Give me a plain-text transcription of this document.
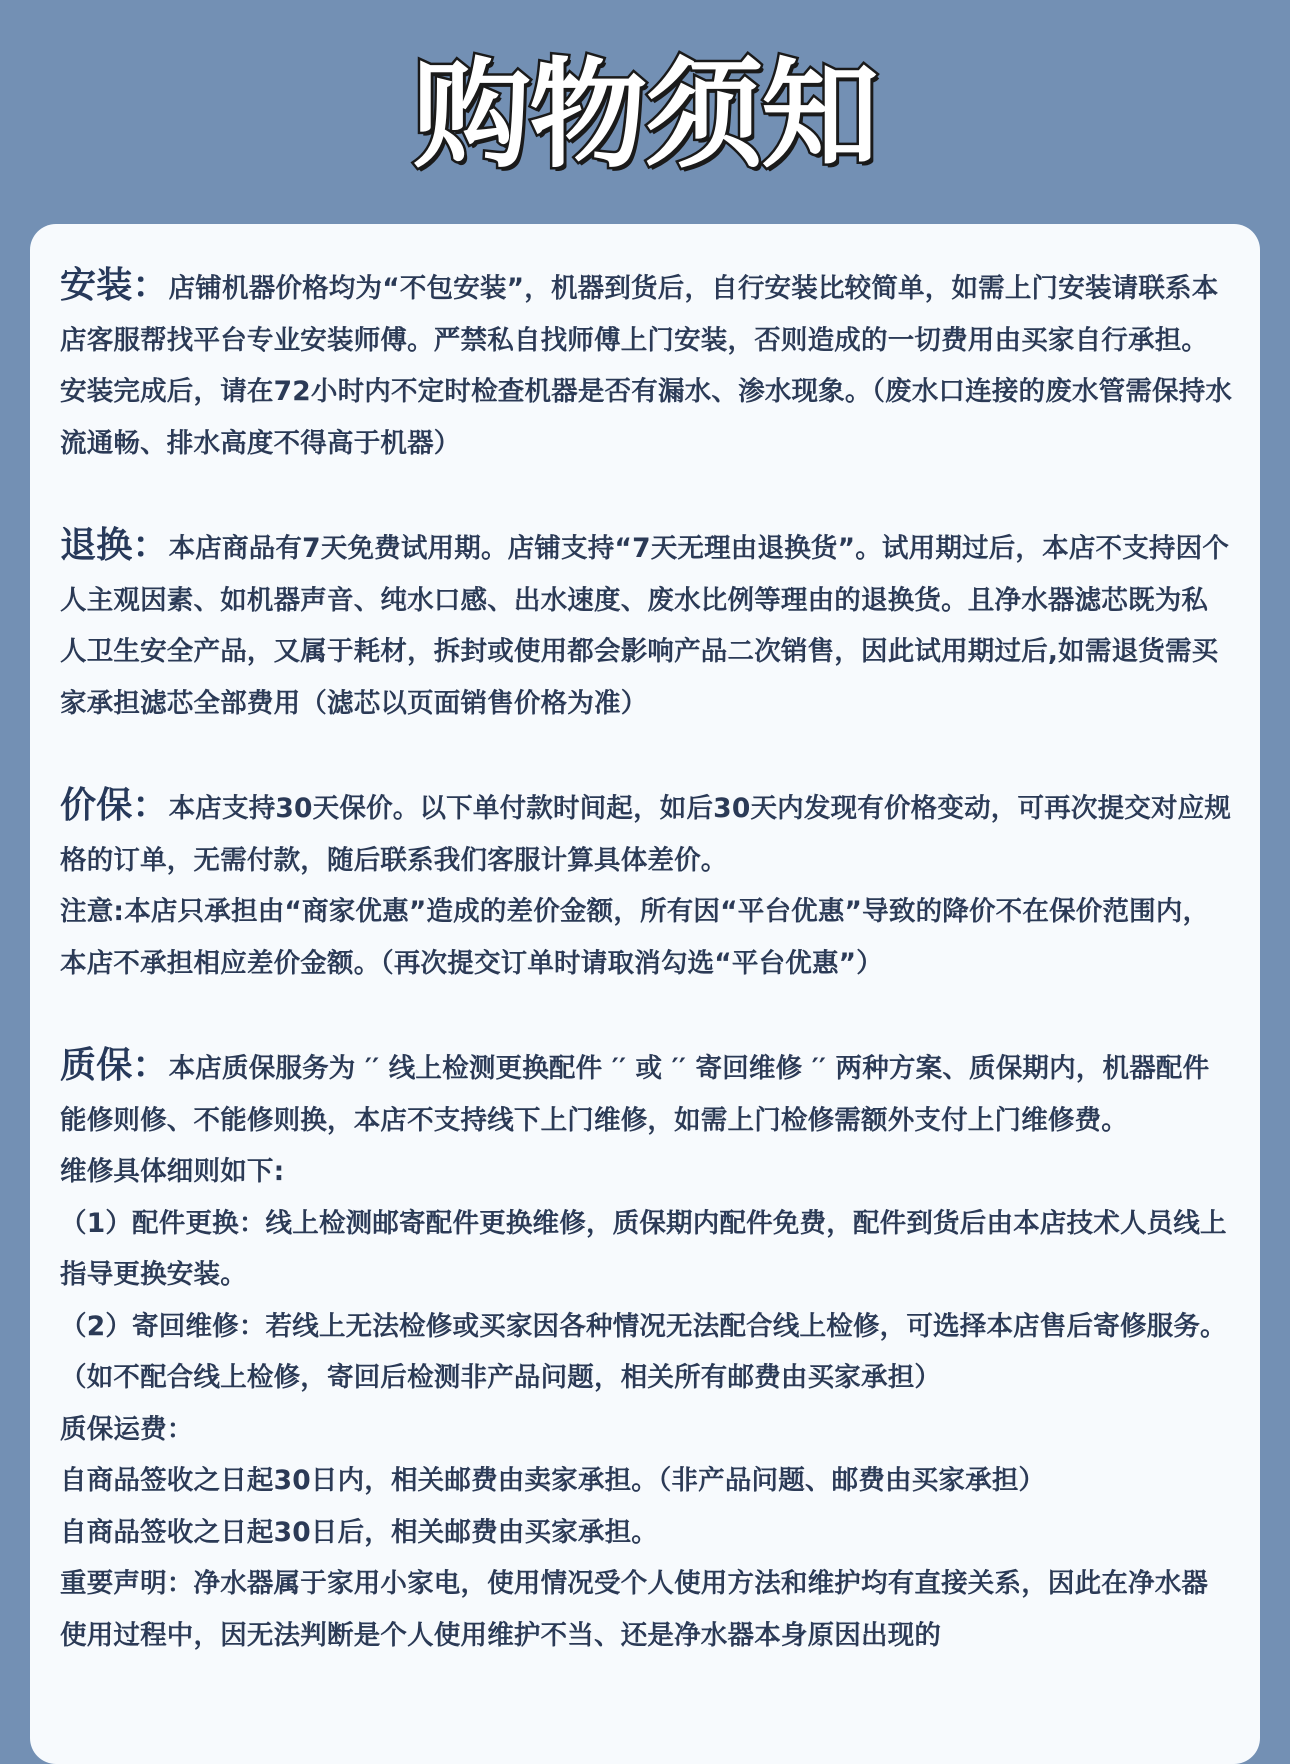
购物须知

安装：店铺机器价格均为“不包安装”，机器到货后，自行安装比较简单，如需上门安装请联系本店客服帮找平台专业安装师傅。严禁私自找师傅上门安装，否则造成的一切费用由买家自行承担。安装完成后，请在72小时内不定时检查机器是否有漏水、渗水现象。（废水口连接的废水管需保持水流通畅、排水高度不得高于机器）

退换：本店商品有7天免费试用期。店铺支持“7天无理由退换货”。试用期过后，本店不支持因个人主观因素、如机器声音、纯水口感、出水速度、废水比例等理由的退换货。且净水器滤芯既为私人卫生安全产品，又属于耗材，拆封或使用都会影响产品二次销售，因此试用期过后,如需退货需买家承担滤芯全部费用（滤芯以页面销售价格为准）

价保：本店支持30天保价。以下单付款时间起，如后30天内发现有价格变动，可再次提交对应规格的订单，无需付款，随后联系我们客服计算具体差价。
注意:本店只承担由“商家优惠”造成的差价金额，所有因“平台优惠”导致的降价不在保价范围内，本店不承担相应差价金额。（再次提交订单时请取消勾选“平台优惠”）
质保：本店质保服务为 ′′ 线上检测更换配件 ′′ 或 ′′ 寄回维修 ′′ 两种方案、质保期内，机器配件能修则修、不能修则换，本店不支持线下上门维修，如需上门检修需额外支付上门维修费。
维修具体细则如下:
（1）配件更换：线上检测邮寄配件更换维修，质保期内配件免费，配件到货后由本店技术人员线上指导更换安装。
（2）寄回维修：若线上无法检修或买家因各种情况无法配合线上检修，可选择本店售后寄修服务。（如不配合线上检修，寄回后检测非产品问题，相关所有邮费由买家承担）
质保运费：
自商品签收之日起30日内，相关邮费由卖家承担。（非产品问题、邮费由买家承担）
自商品签收之日起30日后，相关邮费由买家承担。
重要声明：净水器属于家用小家电，使用情况受个人使用方法和维护均有直接关系，因此在净水器使用过程中，因无法判断是个人使用维护不当、还是净水器本身原因出现的
